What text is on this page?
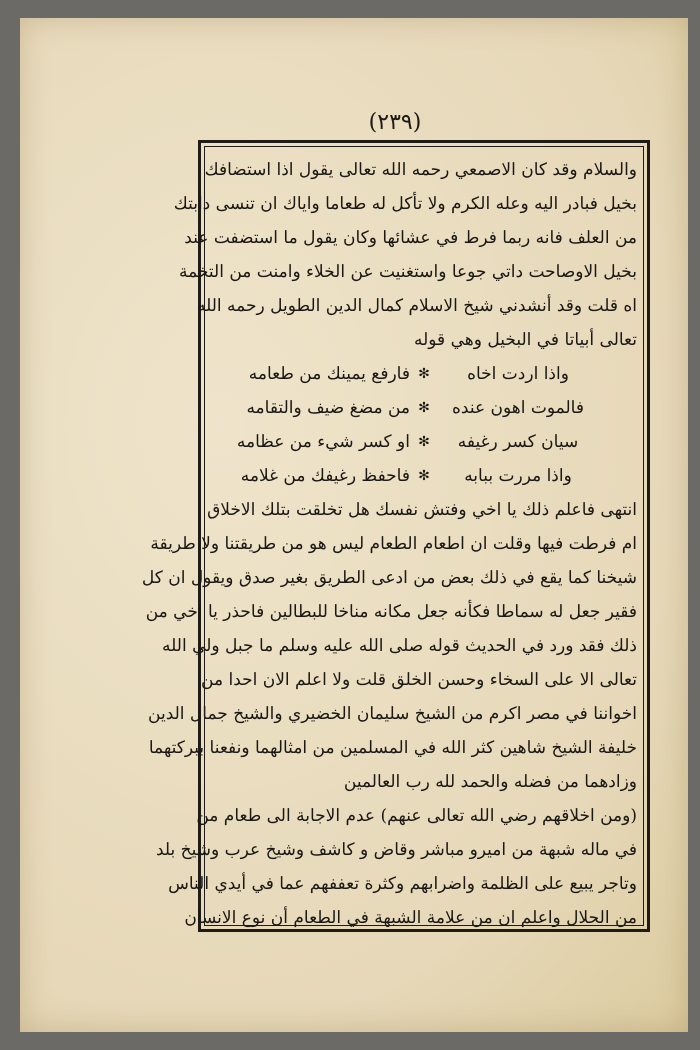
(٢٣٩)

والسلام وقد كان الاصمعي رحمه الله تعالى يقول اذا استضافك
بخيل فبادر اليه وعله الكرم ولا تأكل له طعاما واياك ان تنسى دابتك
من العلف فانه ربما فرط في عشائها وكان يقول ما استضفت عند
بخيل الاوصاحت داتي جوعا واستغنيت عن الخلاء وامنت من التخمة
اه قلت وقد أنشدني شيخ الاسلام كمال الدين الطويل رحمه الله
تعالى أبياتا في البخيل وهي قوله
واذا اردت اخاه
✻
فارفع يمينك من طعامه
فالموت اهون عنده
✻
من مضغ ضيف والتقامه
سيان كسر رغيفه
✻
او كسر شيء من عظامه
واذا مررت ببابه
✻
فاحفظ رغيفك من غلامه
انتهى فاعلم ذلك يا اخي وفتش نفسك هل تخلقت بتلك الاخلاق
ام فرطت فيها وقلت ان اطعام الطعام ليس هو من طريقتنا ولا طريقة
شيخنا كما يقع في ذلك بعض من ادعى الطريق بغير صدق ويقول ان كل
فقير جعل له سماطا فكأنه جعل مكانه مناخا للبطالين فاحذر يا اخي من
ذلك فقد ورد في الحديث قوله صلى الله عليه وسلم ما جبل ولي الله
تعالى الا على السخاء وحسن الخلق قلت ولا اعلم الان احدا من
اخواننا في مصر اكرم من الشيخ سليمان الخضيري والشيخ جمال الدين
خليفة الشيخ شاهين كثر الله في المسلمين من امثالهما ونفعنا ببركتهما
وزادهما من فضله والحمد لله رب العالمين
(ومن اخلاقهم رضي الله تعالى عنهم) عدم الاجابة الى طعام من
في ماله شبهة من اميرو مباشر وقاض و كاشف وشيخ عرب وشيخ بلد
وتاجر يبيع على الظلمة واضرابهم وكثرة تعففهم عما في أيدي الناس
من الحلال واعلم ان من علامة الشبهة في الطعام أن نوع الانسان
